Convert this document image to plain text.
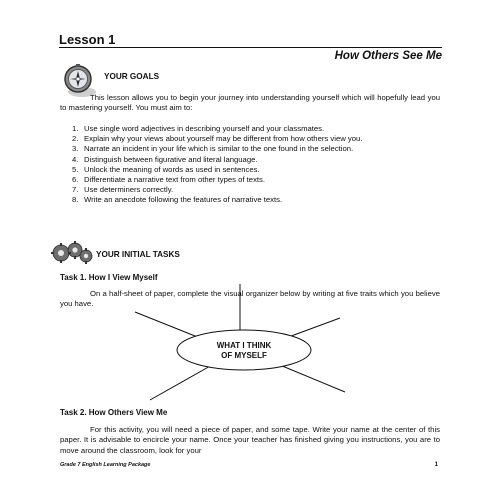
Lesson 1
How Others See Me
YOUR GOALS
This lesson allows you to begin your journey into understanding yourself which will hopefully lead you to mastering yourself. You must aim to:
1. Use single word adjectives in describing yourself and your classmates.
2. Explain why your views about yourself may be different from how others view you.
3. Narrate an incident in your life which is similar to the one found in the selection.
4. Distinguish between figurative and literal language.
5. Unlock the meaning of words as used in sentences.
6. Differentiate a narrative text from other types of texts.
7. Use determiners correctly.
8. Write an anecdote following the features of narrative texts.
YOUR INITIAL TASKS
Task 1. How I View Myself
On a half-sheet of paper, complete the visual organizer below by writing at five traits which you believe you have.
WHAT I THINK
OF MYSELF
Task 2. How Others View Me
For this activity, you will need a piece of paper, and some tape. Write your name at the center of this paper. It is advisable to encircle your name. Once your teacher has finished giving you instructions, you are to move around the classroom, look for your
Grade 7 English Learning Package	1
